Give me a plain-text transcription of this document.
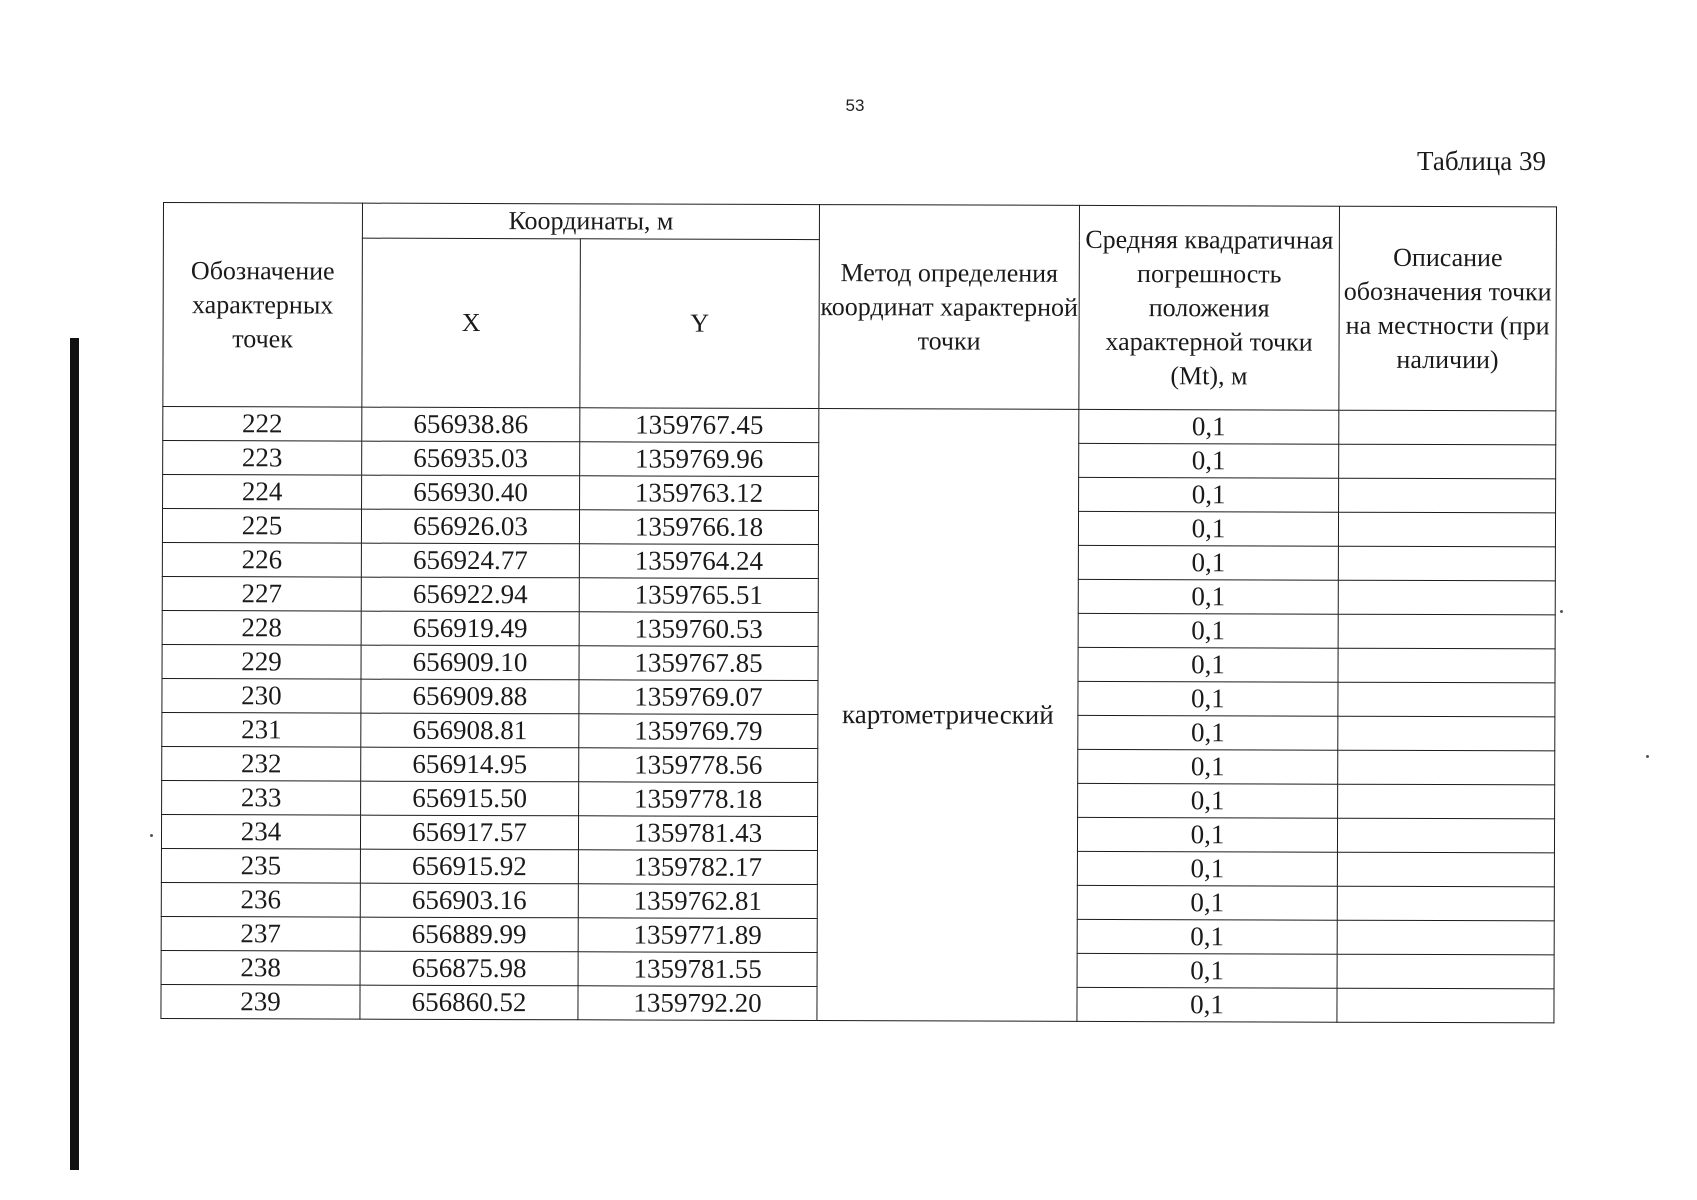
53
Таблица 39
Обозначение характерных точек	Координаты, м		Метод определения координат характерной точки	Средняя квадратичная погрешность положения характерной точки (Mt), м	Описание обозначения точки на местности (при наличии)
	X	Y			
222	656938.86	1359767.45	картометрический	0,1	
223	656935.03	1359769.96		0,1	
224	656930.40	1359763.12		0,1	
225	656926.03	1359766.18		0,1	
226	656924.77	1359764.24		0,1	
227	656922.94	1359765.51		0,1	
228	656919.49	1359760.53		0,1	
229	656909.10	1359767.85		0,1	
230	656909.88	1359769.07		0,1	
231	656908.81	1359769.79		0,1	
232	656914.95	1359778.56		0,1	
233	656915.50	1359778.18		0,1	
234	656917.57	1359781.43		0,1	
235	656915.92	1359782.17		0,1	
236	656903.16	1359762.81		0,1	
237	656889.99	1359771.89		0,1	
238	656875.98	1359781.55		0,1	
239	656860.52	1359792.20		0,1	
